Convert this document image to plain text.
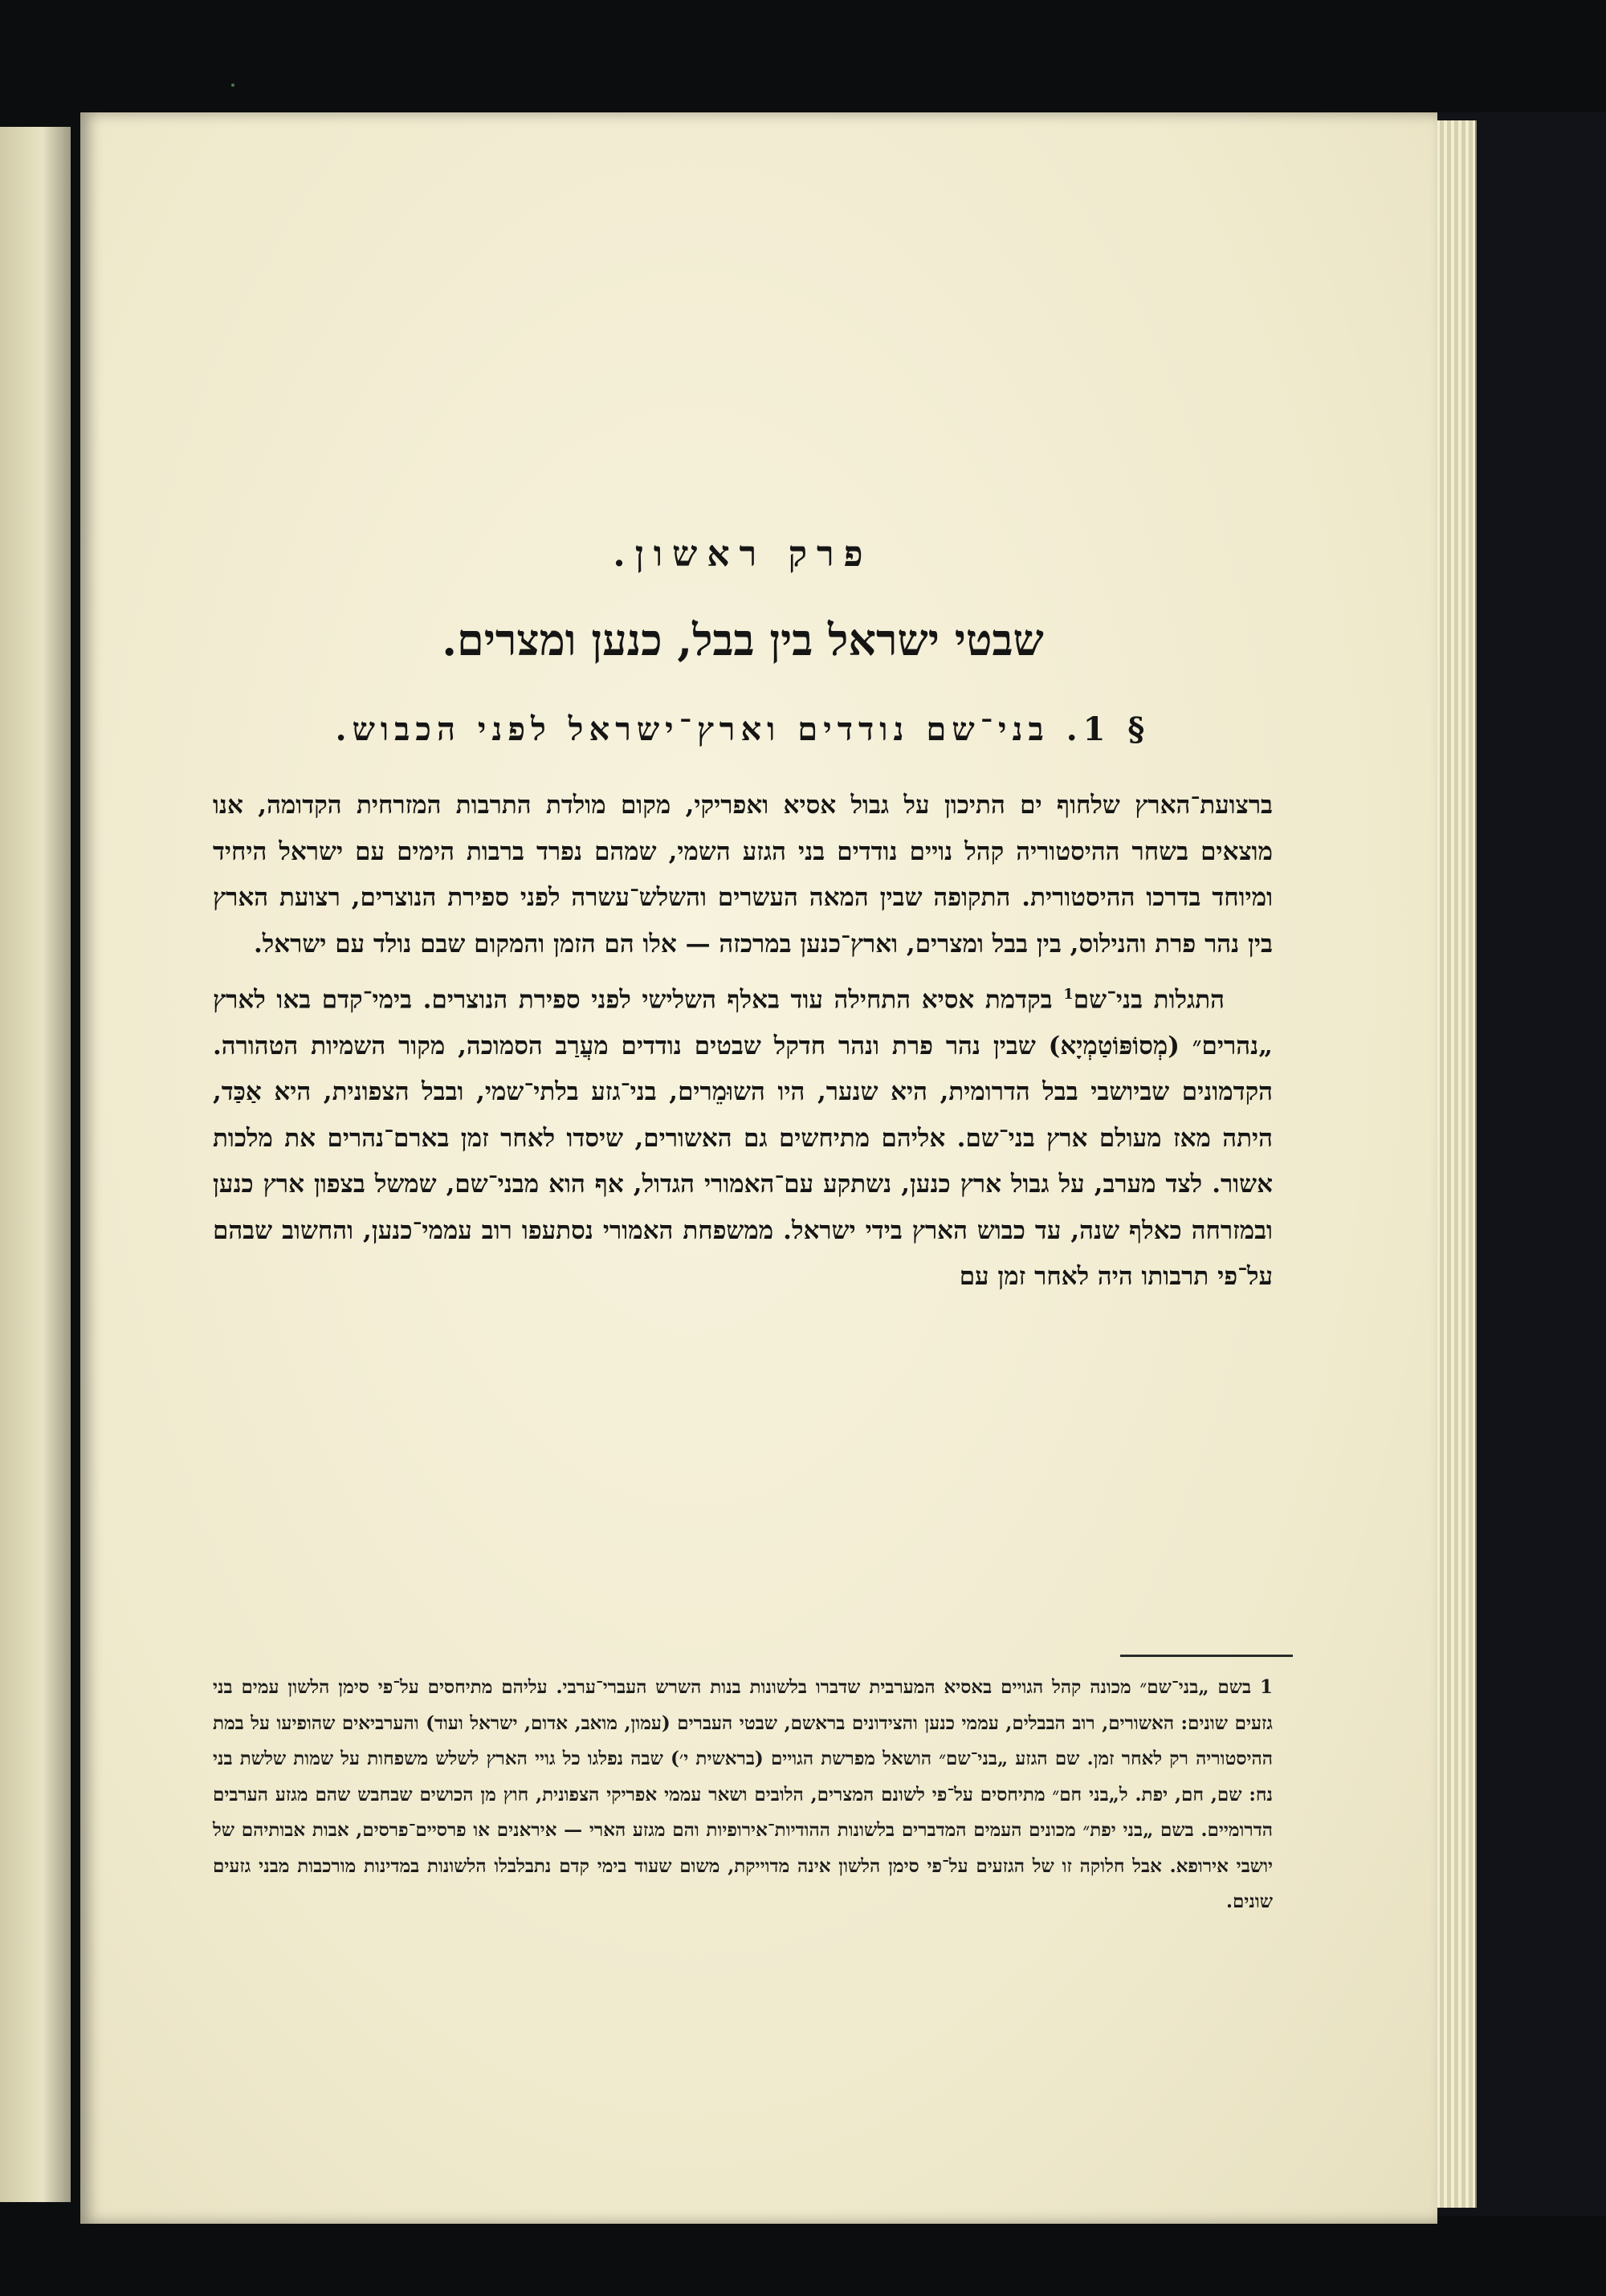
פרק ראשון.
שבטי ישראל בין בבל, כנען ומצרים.
§ 1. בני־שם נודדים וארץ־ישראל לפני הכבוש.

ברצועת־הארץ שלחוף ים התיכון על גבול אסיא ואפריקי, מקום מולדת התרבות המזרחית הקדומה, אנו מוצאים בשחר ההיסטוריה קהל נויים נודדים בני הגזע השמי, שמהם נפרד ברבות הימים עם ישראל היחיד ומיוחד בדרכו ההיסטורית. התקופה שבין המאה העשרים והשלש־עשרה לפני ספירת הנוצרים, רצועת הארץ בין נהר פרת והנילוס, בין בבל ומצרים, וארץ־כנען במרכזה — אלו הם הזמן והמקום שבם נולד עם ישראל.

התגלות בני־שם$^1$ בקדמת אסיא התחילה עוד באלף השלישי לפני ספירת הנוצרים. בימי־קדם באו לארץ „נהרים״ (מְסוֹפּוֹטַמְיָא) שבין נהר פרת ונהר חדקל שבטים נודדים מעֲרַב הסמוכה, מקור השמיות הטהורה. הקדמונים שביושבי בבל הדרומית, היא שנער, היו השוּמֵרים, בני־גזע בלתי־שמי, ובבל הצפונית, היא אַכַּד, היתה מאז מעולם ארץ בני־שם. אליהם מתיחשים גם האשורים, שיסדו לאחר זמן בארם־נהרים את מלכות אשור. לצד מערב, על גבול ארץ כנען, נשתקע עם־האמורי הגדול, אף הוא מבני־שם, שמשל בצפון ארץ כנען ובמזרחה כאלף שנה, עד כבוש הארץ בידי ישראל. ממשפחת האמורי נסתעפו רוב עממי־כנען, והחשוב שבהם על־פי תרבותו היה לאחר זמן עם

1 בשם „בני־שם״ מכונה קהל הגויים באסיא המערבית שדברו בלשונות בנות השרש העברי־ערבי. עליהם מתיחסים על־פי סימן הלשון עמים בני גזעים שונים: האשורים, רוב הבבלים, עממי כנען והצידונים בראשם, שבטי העברים (עמון, מואב, אדום, ישראל ועוד) והערביאים שהופיעו על במת ההיסטוריה רק לאחר זמן. שם הגזע „בני־שם״ הושאל מפרשת הגויים (בראשית י׳) שבה נפלגו כל גויי הארץ לשלש משפחות על שמות שלשת בני נח: שם, חם, יפת. ל„בני חם״ מתיחסים על־פי לשונם המצרים, הלובים ושאר עממי אפריקי הצפונית, חוץ מן הכושים שבחבש שהם מגזע הערבים הדרומיים. בשם „בני יפת״ מכונים העמים המדברים בלשונות ההודיות־אירופיות והם מגזע הארי — איראנים או פרסיים־פרסים, אבות אבותיהם של יושבי אירופא. אבל חלוקה זו של הגזעים על־פי סימן הלשון אינה מדוייקת, משום שעוד בימי קדם נתבלבלו הלשונות במדינות מורכבות מבני גזעים שונים.
